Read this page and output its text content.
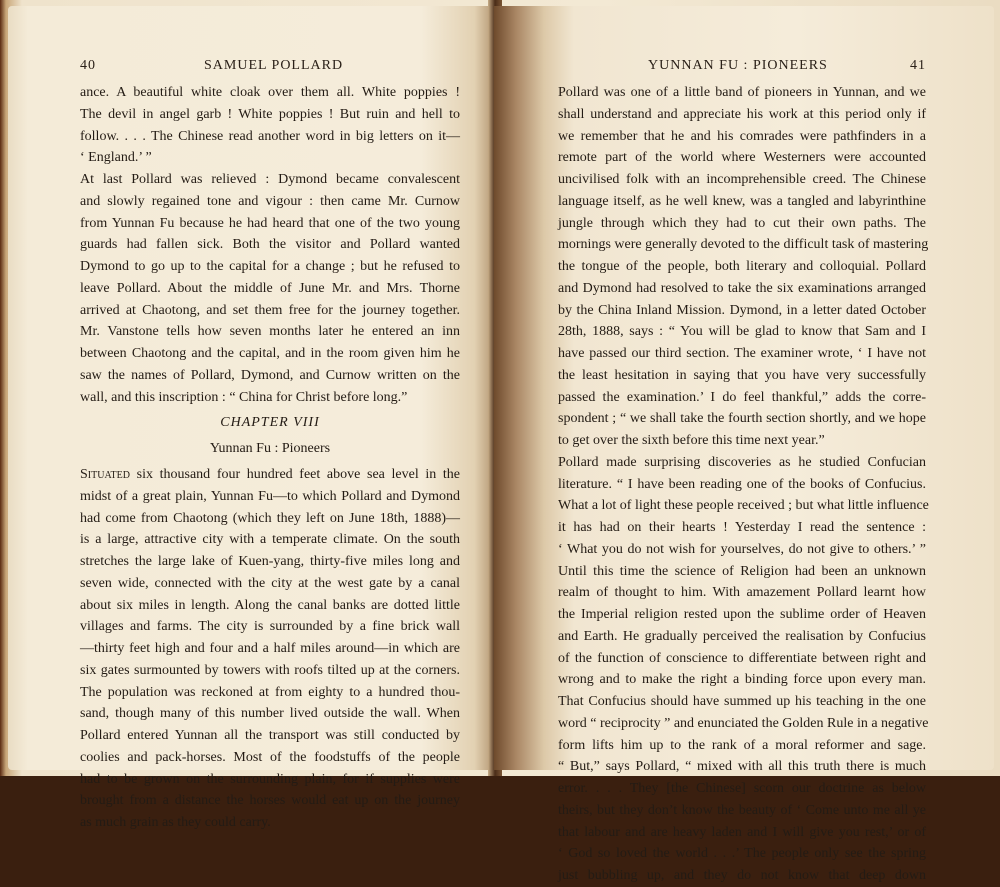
40	SAMUEL POLLARD
ance. A beautiful white cloak over them all. White poppies !
The devil in angel garb ! White poppies ! But ruin and hell to
follow. . . . The Chinese read another word in big letters on it—
‘ England.’ ”
At last Pollard was relieved : Dymond became convalescent
and slowly regained tone and vigour : then came Mr. Curnow
from Yunnan Fu because he had heard that one of the two young
guards had fallen sick. Both the visitor and Pollard wanted
Dymond to go up to the capital for a change ; but he refused to
leave Pollard. About the middle of June Mr. and Mrs. Thorne
arrived at Chaotong, and set them free for the journey together.
Mr. Vanstone tells how seven months later he entered an inn
between Chaotong and the capital, and in the room given him he
saw the names of Pollard, Dymond, and Curnow written on the
wall, and this inscription : “ China for Christ before long.”
CHAPTER VIII
Yunnan Fu : Pioneers
Situated six thousand four hundred feet above sea level in the
midst of a great plain, Yunnan Fu—to which Pollard and Dymond
had come from Chaotong (which they left on June 18th, 1888)—
is a large, attractive city with a temperate climate. On the south
stretches the large lake of Kuen-yang, thirty-five miles long and
seven wide, connected with the city at the west gate by a canal
about six miles in length. Along the canal banks are dotted little
villages and farms. The city is surrounded by a fine brick wall
—thirty feet high and four and a half miles around—in which are
six gates surmounted by towers with roofs tilted up at the corners.
The population was reckoned at from eighty to a hundred thou-
sand, though many of this number lived outside the wall. When
Pollard entered Yunnan all the transport was still conducted by
coolies and pack-horses. Most of the foodstuffs of the people
had to be grown on the surrounding plain, for if supplies were
brought from a distance the horses would eat up on the journey
as much grain as they could carry.
YUNNAN FU : PIONEERS	41
Pollard was one of a little band of pioneers in Yunnan, and we
shall understand and appreciate his work at this period only if
we remember that he and his comrades were pathfinders in a
remote part of the world where Westerners were accounted
uncivilised folk with an incomprehensible creed. The Chinese
language itself, as he well knew, was a tangled and labyrinthine
jungle through which they had to cut their own paths. The
mornings were generally devoted to the difficult task of mastering
the tongue of the people, both literary and colloquial. Pollard
and Dymond had resolved to take the six examinations arranged
by the China Inland Mission. Dymond, in a letter dated October
28th, 1888, says : “ You will be glad to know that Sam and I
have passed our third section. The examiner wrote, ‘ I have not
the least hesitation in saying that you have very successfully
passed the examination.’ I do feel thankful,” adds the corre-
spondent ; “ we shall take the fourth section shortly, and we hope
to get over the sixth before this time next year.”
Pollard made surprising discoveries as he studied Confucian
literature. “ I have been reading one of the books of Confucius.
What a lot of light these people received ; but what little influence
it has had on their hearts ! Yesterday I read the sentence :
‘ What you do not wish for yourselves, do not give to others.’ ”
Until this time the science of Religion had been an unknown
realm of thought to him. With amazement Pollard learnt how
the Imperial religion rested upon the sublime order of Heaven
and Earth. He gradually perceived the realisation by Confucius
of the function of conscience to differentiate between right and
wrong and to make the right a binding force upon every man.
That Confucius should have summed up his teaching in the one
word “ reciprocity ” and enunciated the Golden Rule in a negative
form lifts him up to the rank of a moral reformer and sage.
“ But,” says Pollard, “ mixed with all this truth there is much
error. . . . They [the Chinese] scorn our doctrine as below
theirs, but they don’t know the beauty of ‘ Come unto me all ye
that labour and are heavy laden and I will give you rest,’ or of
‘ God so loved the world . . .’ The people only see the spring
just bubbling up, and they do not know that deep down
